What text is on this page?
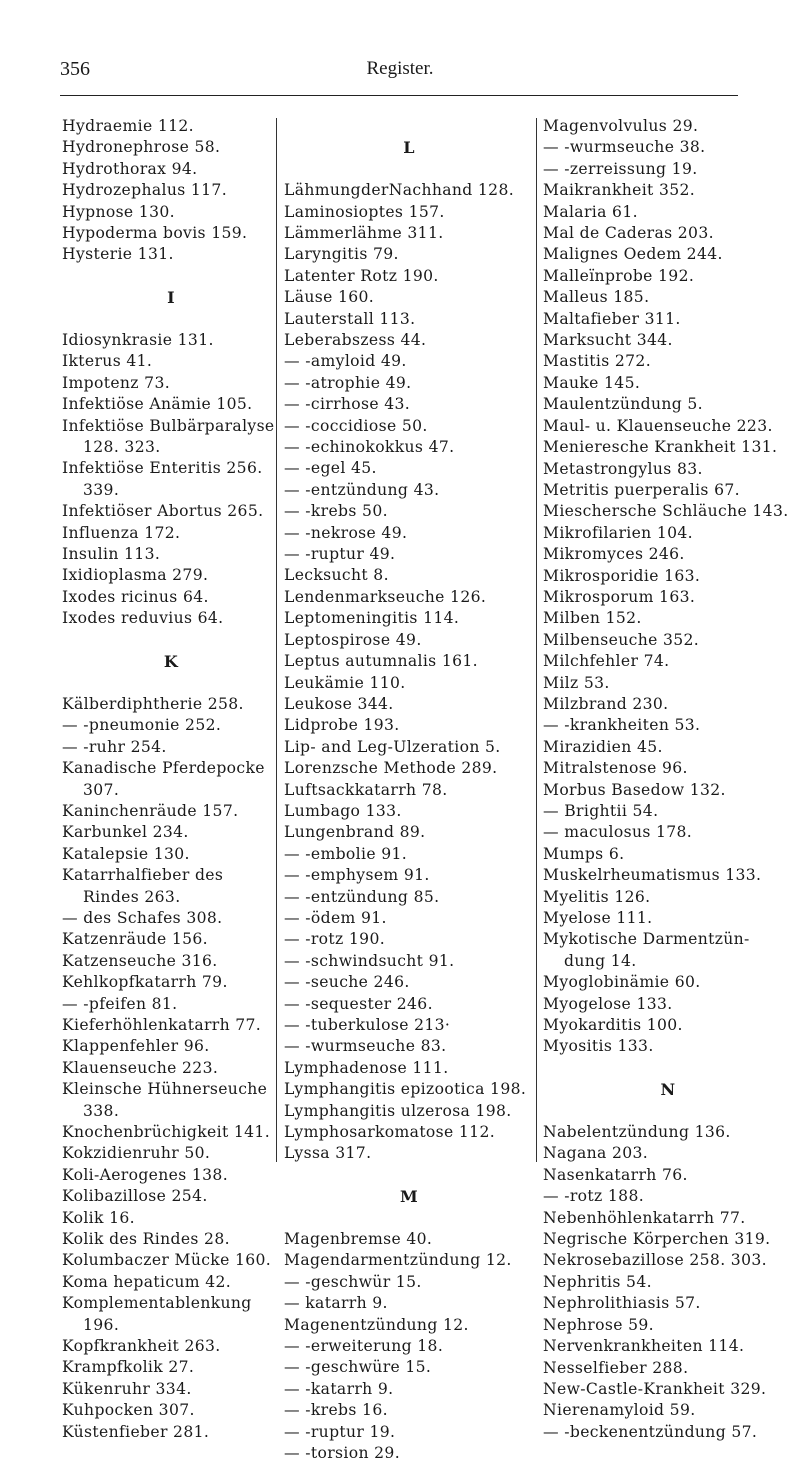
356	Register.
Hydraemie 112.
Hydronephrose 58.
Hydrothorax 94.
Hydrozephalus 117.
Hypnose 130.
Hypoderma bovis 159.
Hysterie 131.
I
Idiosynkrasie 131.
Ikterus 41.
Impotenz 73.
Infektiöse Anämie 105.
Infektiöse Bulbärparalyse 128. 323.
Infektiöse Enteritis 256. 339.
Infektiöser Abortus 265.
Influenza 172.
Insulin 113.
Ixidioplasma 279.
Ixodes ricinus 64.
Ixodes reduvius 64.
K
Kälberdiphtherie 258.
— -pneumonie 252.
— -ruhr 254.
Kanadische Pferdepocke 307.
Kaninchenräude 157.
Karbunkel 234.
Katalepsie 130.
Katarrhalfieber des Rindes 263.
— des Schafes 308.
Katzenräude 156.
Katzenseuche 316.
Kehlkopfkatarrh 79.
— -pfeifen 81.
Kieferhöhlenkatarrh 77.
Klappenfehler 96.
Klauenseuche 223.
Kleinsche Hühnerseuche 338.
Knochenbrüchigkeit 141.
Kokzidienruhr 50.
Koli-Aerogenes 138.
Kolibazillose 254.
Kolik 16.
Kolik des Rindes 28.
Kolumbaczer Mücke 160.
Koma hepaticum 42.
Komplementablenkung 196.
Kopfkrankheit 263.
Krampfkolik 27.
Kükenruhr 334.
Kuhpocken 307.
Küstenfieber 281.
L
LähmungderNachhand 128.
Laminosioptes 157.
Lämmerlähme 311.
Laryngitis 79.
Latenter Rotz 190.
Läuse 160.
Lauterstall 113.
Leberabszess 44.
— -amyloid 49.
— -atrophie 49.
— -cirrhose 43.
— -coccidiose 50.
— -echinokokkus 47.
— -egel 45.
— -entzündung 43.
— -krebs 50.
— -nekrose 49.
— -ruptur 49.
Lecksucht 8.
Lendenmarkseuche 126.
Leptomeningitis 114.
Leptospirose 49.
Leptus autumnalis 161.
Leukämie 110.
Leukose 344.
Lidprobe 193.
Lip- and Leg-Ulzeration 5.
Lorenzsche Methode 289.
Luftsackkatarrh 78.
Lumbago 133.
Lungenbrand 89.
— -embolie 91.
— -emphysem 91.
— -entzündung 85.
— -ödem 91.
— -rotz 190.
— -schwindsucht 91.
— -seuche 246.
— -sequester 246.
— -tuberkulose 213·
— -wurmseuche 83.
Lymphadenose 111.
Lymphangitis epizootica 198.
Lymphangitis ulzerosa 198.
Lymphosarkomatose 112.
Lyssa 317.
M
Magenbremse 40.
Magendarmentzündung 12.
— -geschwür 15.
— katarrh 9.
Magenentzündung 12.
— -erweiterung 18.
— -geschwüre 15.
— -katarrh 9.
— -krebs 16.
— -ruptur 19.
— -torsion 29.
Magenvolvulus 29.
— -wurmseuche 38.
— -zerreissung 19.
Maikrankheit 352.
Malaria 61.
Mal de Caderas 203.
Malignes Oedem 244.
Malleïnprobe 192.
Malleus 185.
Maltafieber 311.
Marksucht 344.
Mastitis 272.
Mauke 145.
Maulentzündung 5.
Maul- u. Klauenseuche 223.
Menieresche Krankheit 131.
Metastrongylus 83.
Metritis puerperalis 67.
Mieschersche Schläuche 143.
Mikrofilarien 104.
Mikromyces 246.
Mikrosporidie 163.
Mikrosporum 163.
Milben 152.
Milbenseuche 352.
Milchfehler 74.
Milz 53.
Milzbrand 230.
— -krankheiten 53.
Mirazidien 45.
Mitralstenose 96.
Morbus Basedow 132.
— Brightii 54.
— maculosus 178.
Mumps 6.
Muskelrheumatismus 133.
Myelitis 126.
Myelose 111.
Mykotische Darmentzün- dung 14.
Myoglobinämie 60.
Myogelose 133.
Myokarditis 100.
Myositis 133.
N
Nabelentzündung 136.
Nagana 203.
Nasenkatarrh 76.
— -rotz 188.
Nebenhöhlenkatarrh 77.
Negrische Körperchen 319.
Nekrosebazillose 258. 303.
Nephritis 54.
Nephrolithiasis 57.
Nephrose 59.
Nervenkrankheiten 114.
Nesselfieber 288.
New-Castle-Krankheit 329.
Nierenamyloid 59.
— -beckenentzündung 57.
